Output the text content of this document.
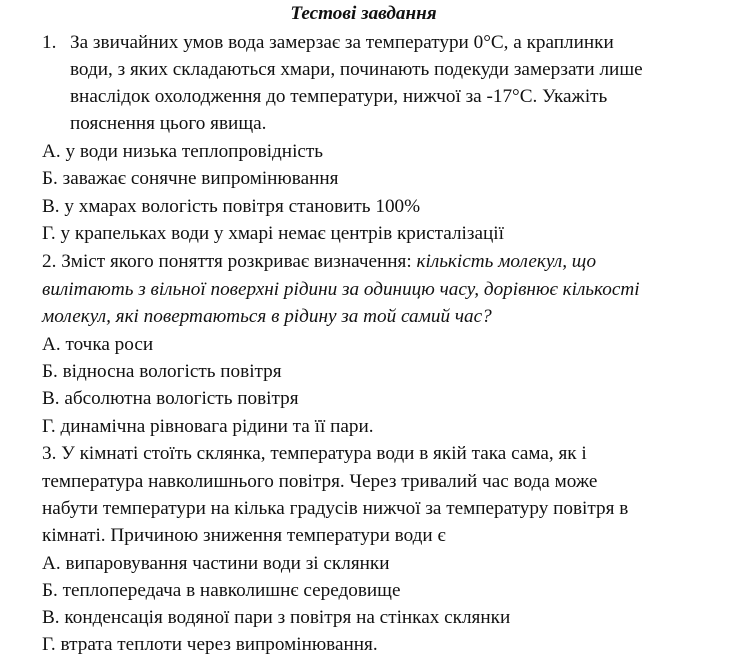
Тестові завдання
1. За звичайних умов вода замерзає за температури 0°С, а краплинки
води, з яких складаються хмари, починають подекуди замерзати лише
внаслідок охолодження до температури, нижчої за -17°С. Укажіть
пояснення цього явища.
А. у води низька теплопровідність
Б. заважає сонячне випромінювання
В. у хмарах вологість повітря становить 100%
Г. у крапельках води у хмарі немає центрів кристалізації
2. Зміст якого поняття розкриває визначення: кількість молекул, що
вилітають з вільної поверхні рідини за одиницю часу, дорівнює кількості
молекул, які повертаються в рідину за той самий час?
А. точка роси
Б. відносна вологість повітря
В. абсолютна вологість повітря
Г. динамічна рівновага рідини та її пари.
3. У кімнаті стоїть склянка, температура води в якій така сама, як і
температура навколишнього повітря. Через тривалий час вода може
набути температури на кілька градусів нижчої за температуру повітря в
кімнаті. Причиною зниження температури води є
А. випаровування частини води зі склянки
Б. теплопередача в навколишнє середовище
В. конденсація водяної пари з повітря на стінках склянки
Г. втрата теплоти через випромінювання.
